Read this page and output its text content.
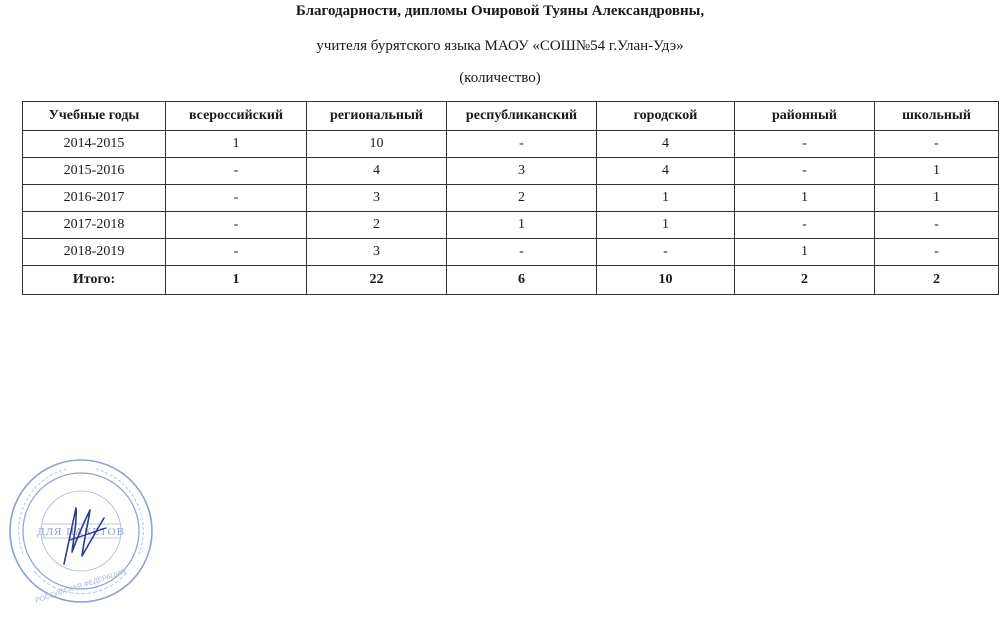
Благодарности, дипломы Очировой Туяны Александровны,
учителя бурятского языка МАОУ «СОШ№54 г.Улан-Удэ»
(количество)
Учебные годы	всероссийский	региональный	республиканский	городской	районный	школьный
2014-2015	1	10	-	4	-	-
2015-2016	-	4	3	4	-	1
2016-2017	-	3	2	1	1	1
2017-2018	-	2	1	1	-	-
2018-2019	-	3	-	-	1	-
Итого:	1	22	6	10	2	2
ДЛЯ ПАКЕТОВ
РОССИЙСКАЯ ФЕДЕРАЦИЯ
